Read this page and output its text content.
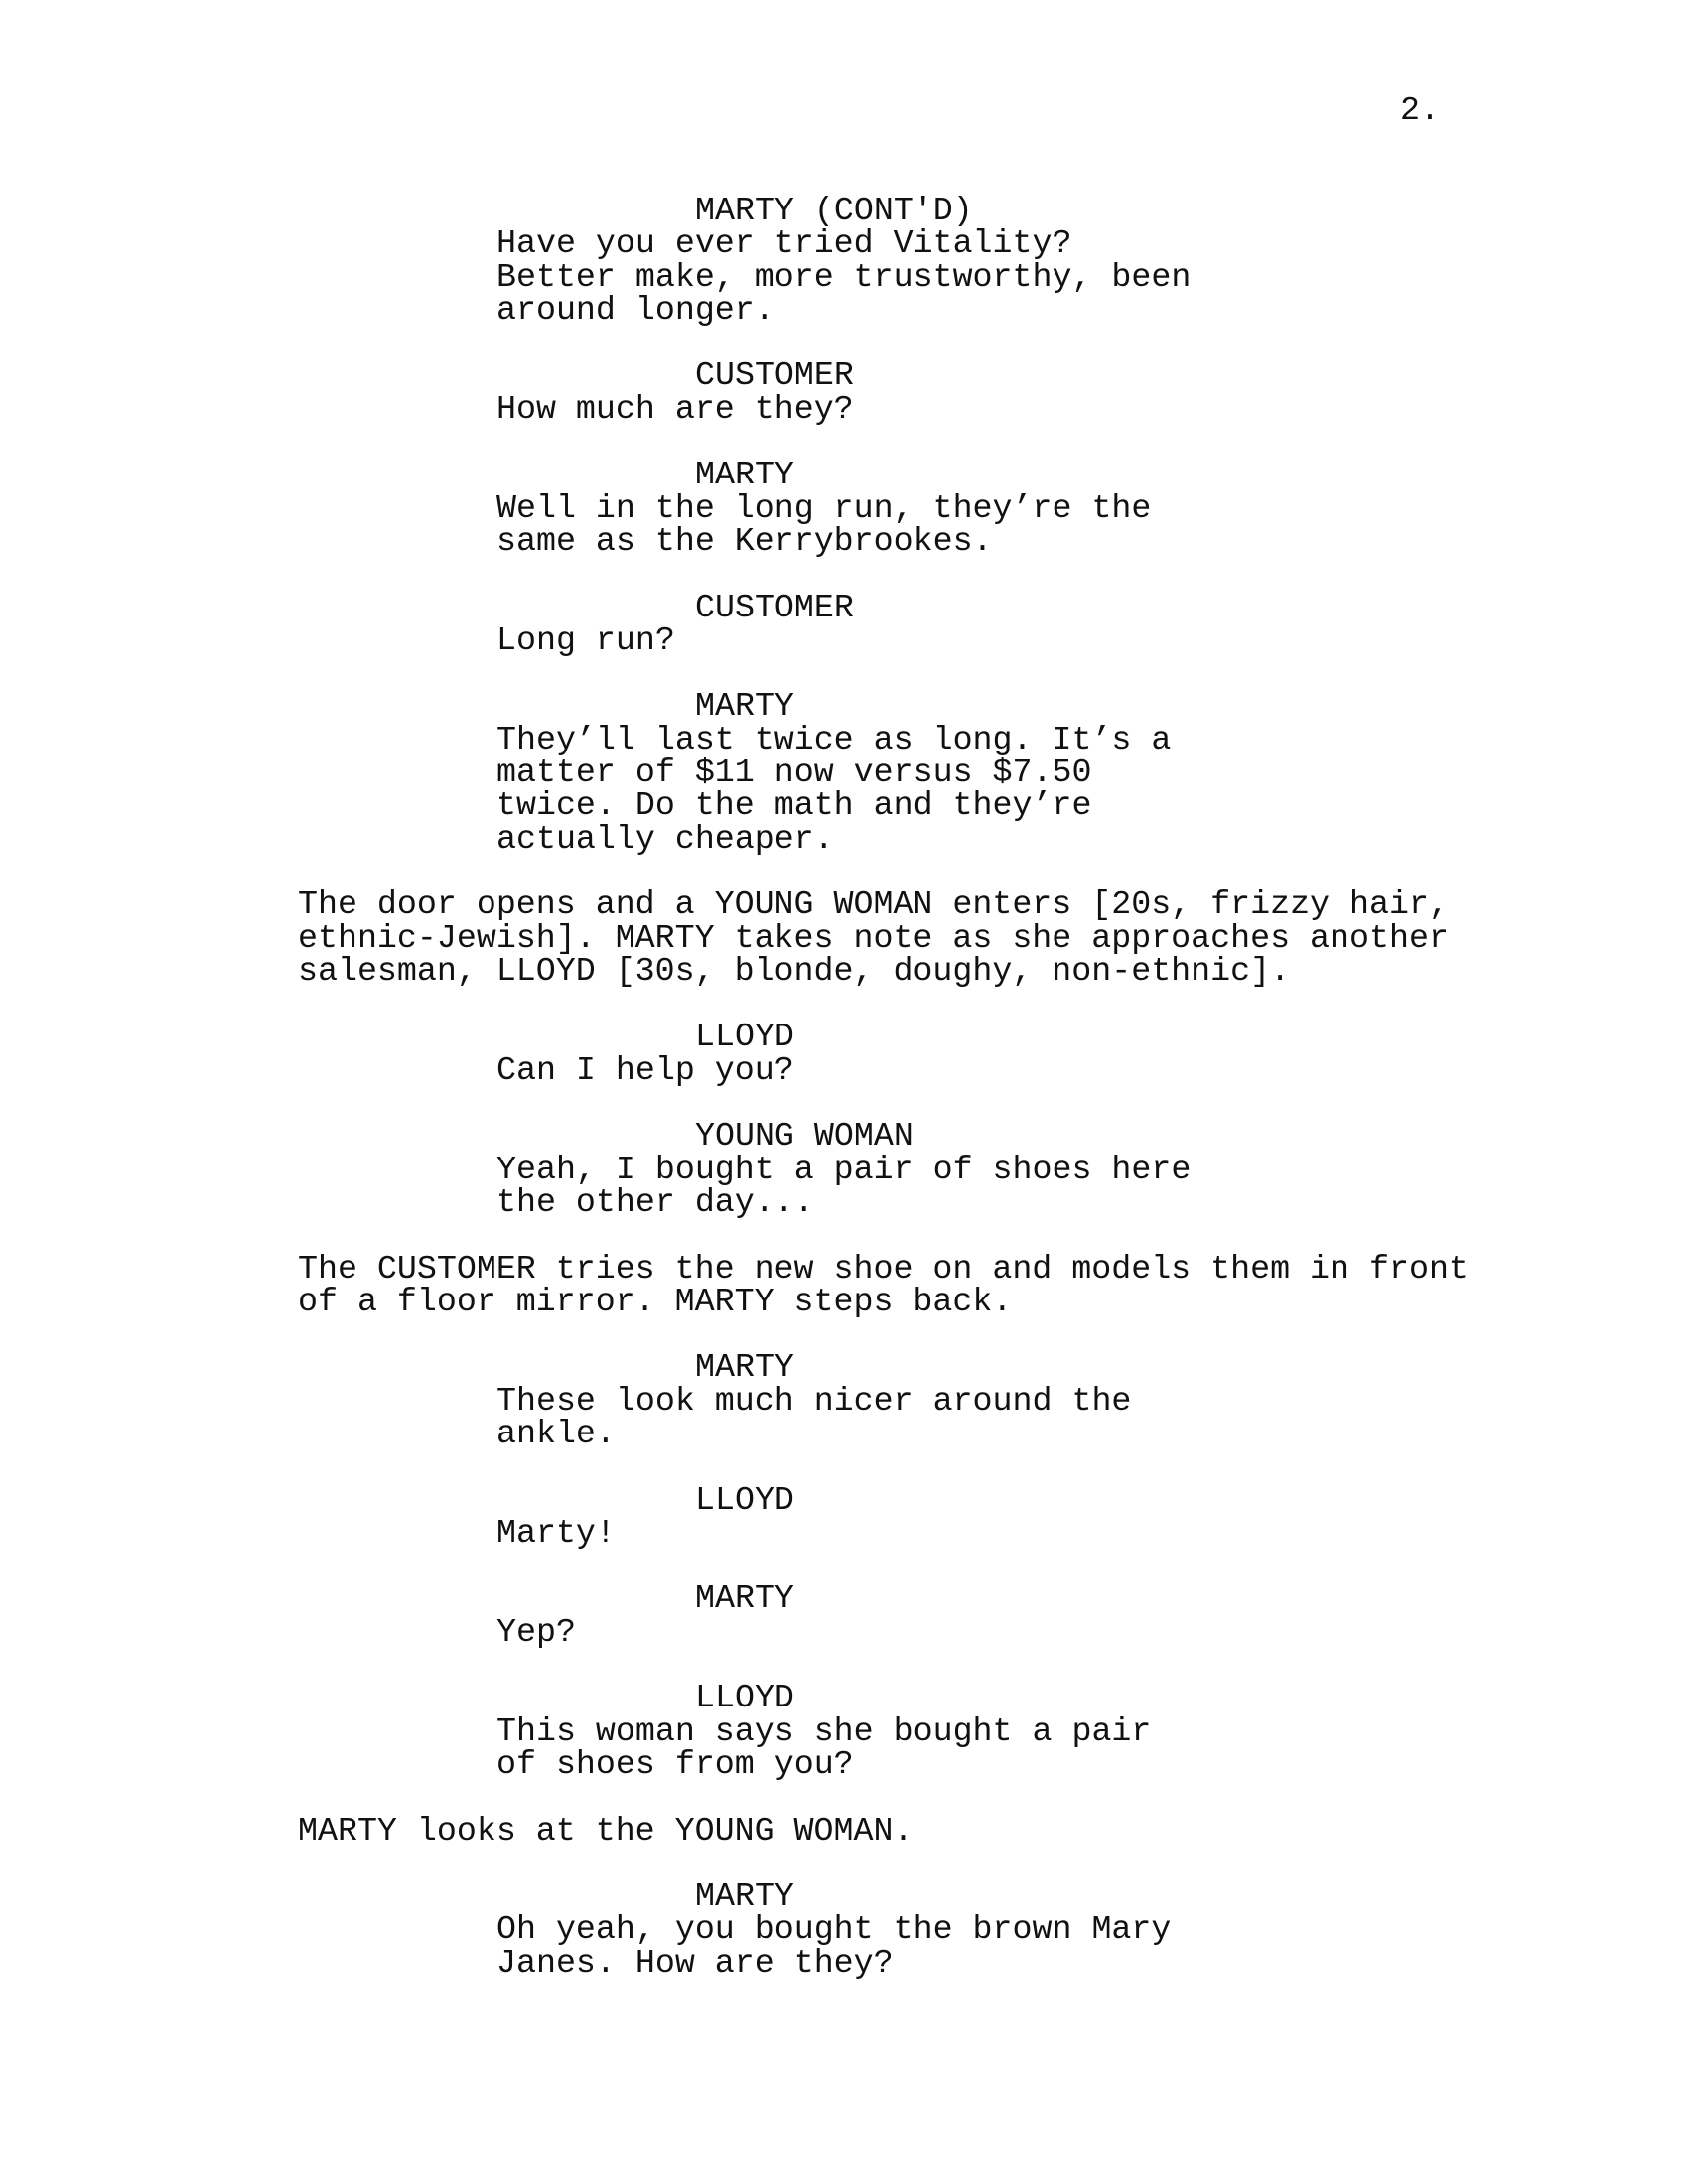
2.
MARTY (CONT'D)
Have you ever tried Vitality?
Better make, more trustworthy, been
around longer.
CUSTOMER
How much are they?
MARTY
Well in the long run, they’re the
same as the Kerrybrookes.
CUSTOMER
Long run?
MARTY
They’ll last twice as long. It’s a
matter of $11 now versus $7.50
twice. Do the math and they’re
actually cheaper.
The door opens and a YOUNG WOMAN enters [20s, frizzy hair,
ethnic-Jewish]. MARTY takes note as she approaches another
salesman, LLOYD [30s, blonde, doughy, non-ethnic].
LLOYD
Can I help you?
YOUNG WOMAN
Yeah, I bought a pair of shoes here
the other day...
The CUSTOMER tries the new shoe on and models them in front
of a floor mirror. MARTY steps back.
MARTY
These look much nicer around the
ankle.
LLOYD
Marty!
MARTY
Yep?
LLOYD
This woman says she bought a pair
of shoes from you?
MARTY looks at the YOUNG WOMAN.
MARTY
Oh yeah, you bought the brown Mary
Janes. How are they?
